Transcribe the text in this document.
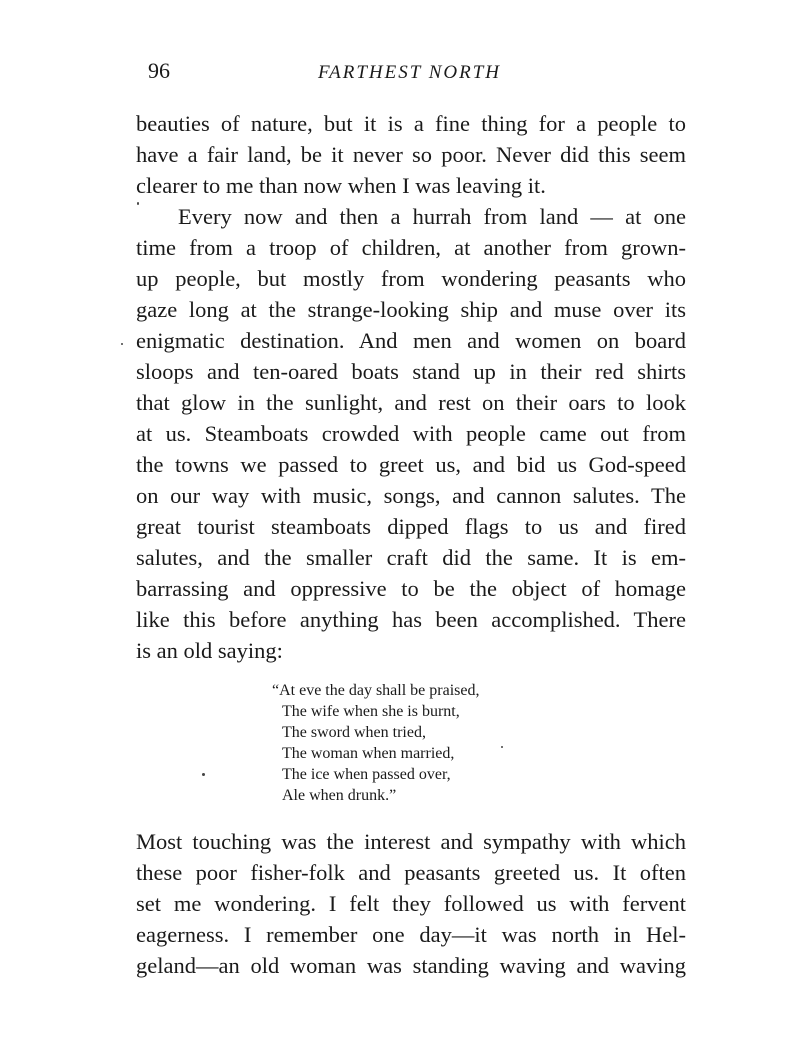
96	FARTHEST NORTH
beauties of nature, but it is a fine thing for a people to
have a fair land, be it never so poor. Never did this seem
clearer to me than now when I was leaving it.
Every now and then a hurrah from land — at one
time from a troop of children, at another from grown-
up people, but mostly from wondering peasants who
gaze long at the strange-looking ship and muse over its
enigmatic destination. And men and women on board
sloops and ten-oared boats stand up in their red shirts
that glow in the sunlight, and rest on their oars to look
at us. Steamboats crowded with people came out from
the towns we passed to greet us, and bid us God-speed
on our way with music, songs, and cannon salutes. The
great tourist steamboats dipped flags to us and fired
salutes, and the smaller craft did the same. It is em-
barrassing and oppressive to be the object of homage
like this before anything has been accomplished. There
is an old saying:
“At eve the day shall be praised,
The wife when she is burnt,
The sword when tried,
The woman when married,
The ice when passed over,
Ale when drunk.”
Most touching was the interest and sympathy with which
these poor fisher-folk and peasants greeted us. It often
set me wondering. I felt they followed us with fervent
eagerness. I remember one day—it was north in Hel-
geland—an old woman was standing waving and waving
